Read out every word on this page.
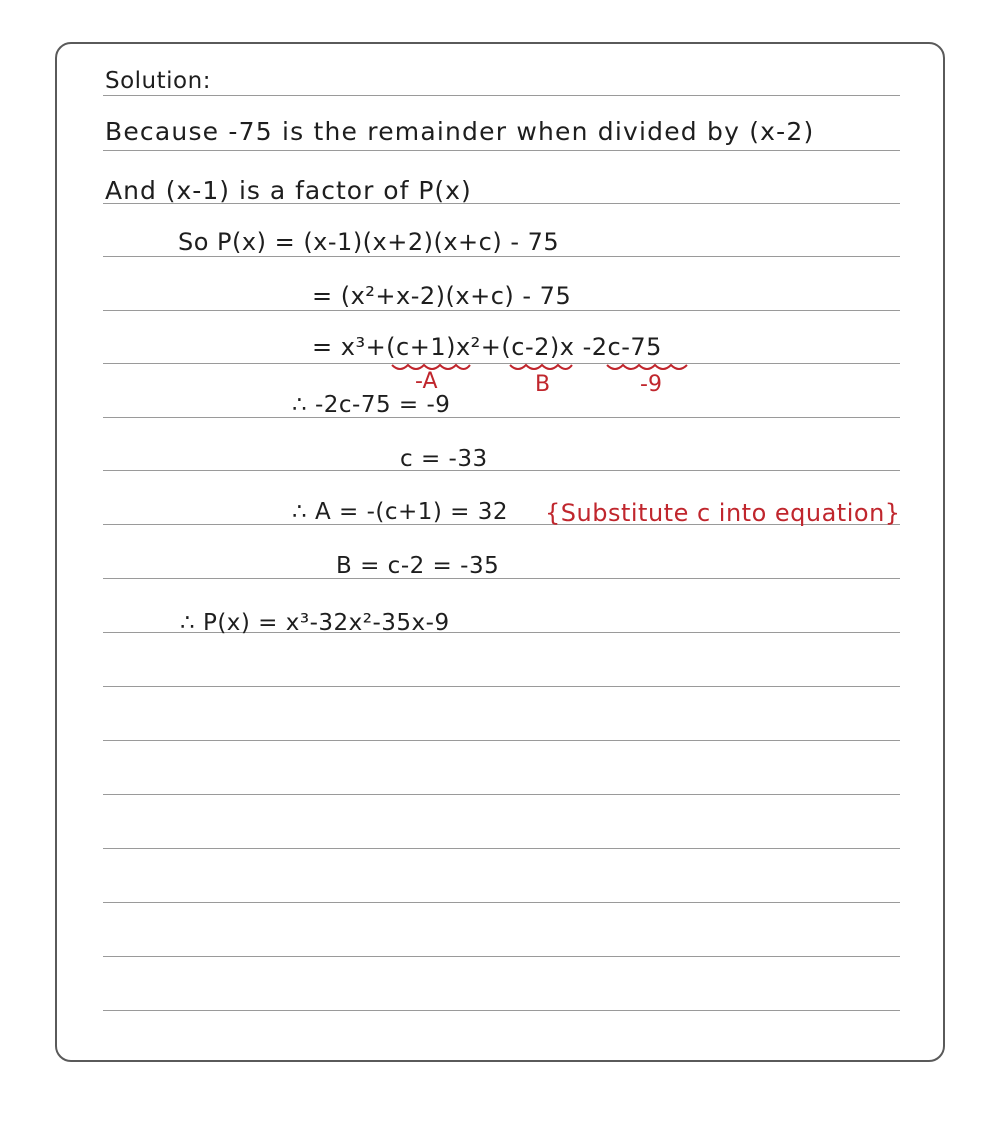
Solution:
Because -75 is the remainder when divided by (x-2)
And (x-1) is a factor of P(x)
So P(x) = (x-1)(x+2)(x+c) - 75
= (x²+x-2)(x+c) - 75
= x³+(c+1)x²+(c-2)x -2c-75
∴ -2c-75 = -9
c = -33
∴ A = -(c+1) = 32 {Substitute c into equation}
B = c-2 = -35
∴ P(x) = x³-32x²-35x-9
-A	B	-9
